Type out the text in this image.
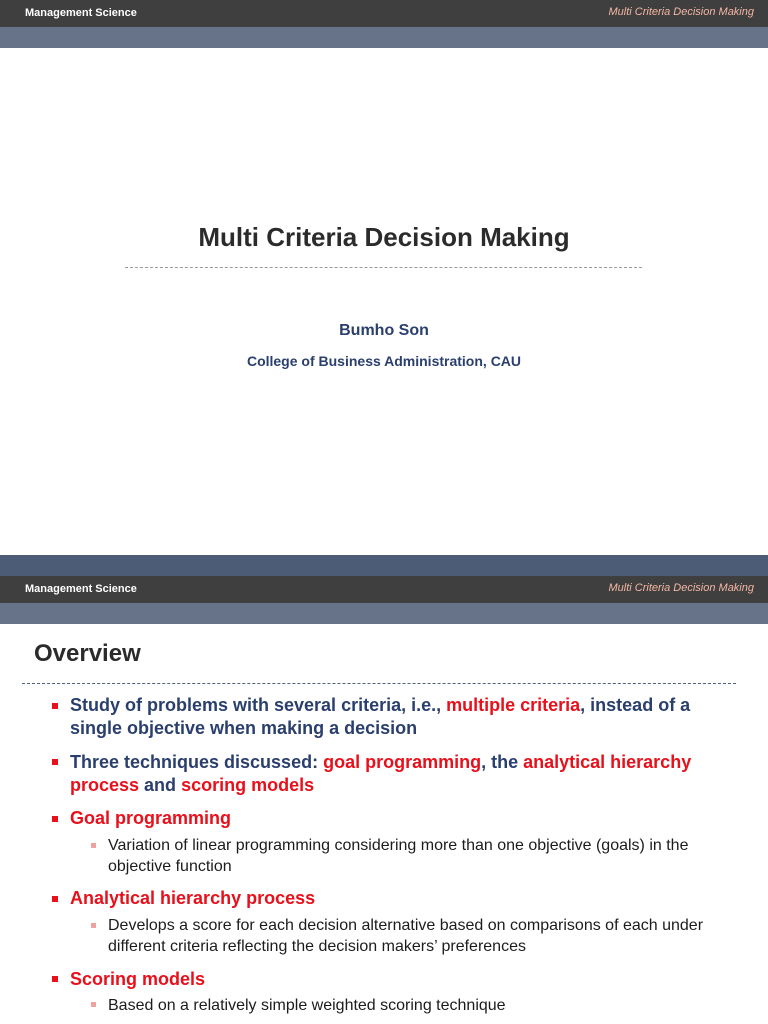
Management Science	Multi Criteria Decision Making
Multi Criteria Decision Making
Bumho Son
College of Business Administration, CAU
Management Science	Multi Criteria Decision Making
Overview
Study of problems with several criteria, i.e., multiple criteria, instead of a single objective when making a decision
Three techniques discussed: goal programming, the analytical hierarchy process and scoring models
Goal programming
Variation of linear programming considering more than one objective (goals) in the objective function
Analytical hierarchy process
Develops a score for each decision alternative based on comparisons of each under different criteria reflecting the decision makers’ preferences
Scoring models
Based on a relatively simple weighted scoring technique
